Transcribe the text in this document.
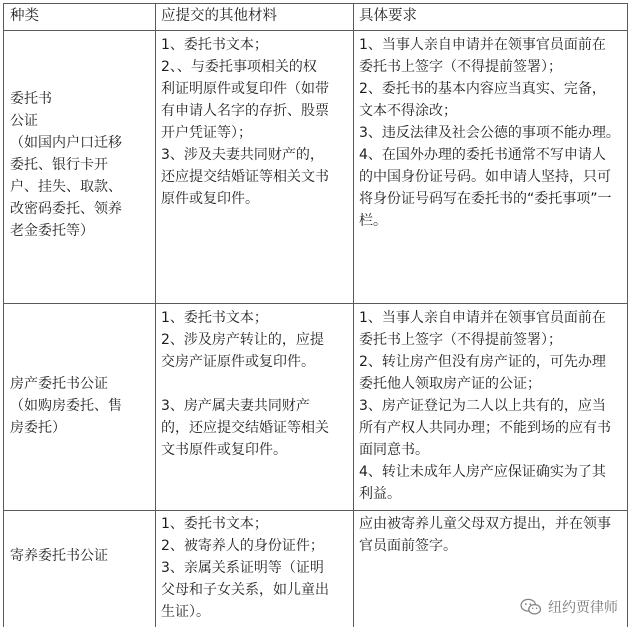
种类	应提交的其他材料	具体要求
委托书
公证
（如国内户口迁移
委托、银行卡开
户、挂失、取款、
改密码委托、领养
老金委托等）
1、委托书文本；
2、、与委托事项相关的权
利证明原件或复印件（如带
有申请人名字的存折、股票
开户凭证等）；
3、涉及夫妻共同财产的，
还应提交结婚证等相关文书
原件或复印件。
1、当事人亲自申请并在领事官员面前在
委托书上签字（不得提前签署）；
2、委托书的基本内容应当真实、完备，
文本不得涂改；
3、违反法律及社会公德的事项不能办理。
4、在国外办理的委托书通常不写申请人
的中国身份证号码。如申请人坚持，只可
将身份证号码写在委托书的“委托事项”一
栏。
房产委托书公证
（如购房委托、售
房委托）
1、委托书文本；
2、涉及房产转让的，应提
交房产证原件或复印件。
3、房产属夫妻共同财产
的，还应提交结婚证等相关
文书原件或复印件。
1、当事人亲自申请并在领事官员面前在
委托书上签字（不得提前签署）；
2、转让房产但没有房产证的，可先办理
委托他人领取房产证的公证；
3、房产证登记为二人以上共有的，应当
所有产权人共同办理；不能到场的应有书
面同意书。
4、转让未成年人房产应保证确实为了其
利益。
寄养委托书公证
1、委托书文本；
2、被寄养人的身份证件；
3、亲属关系证明等（证明
父母和子女关系，如儿童出
生证）。
应由被寄养儿童父母双方提出，并在领事
官员面前签字。
纽约贾律师
